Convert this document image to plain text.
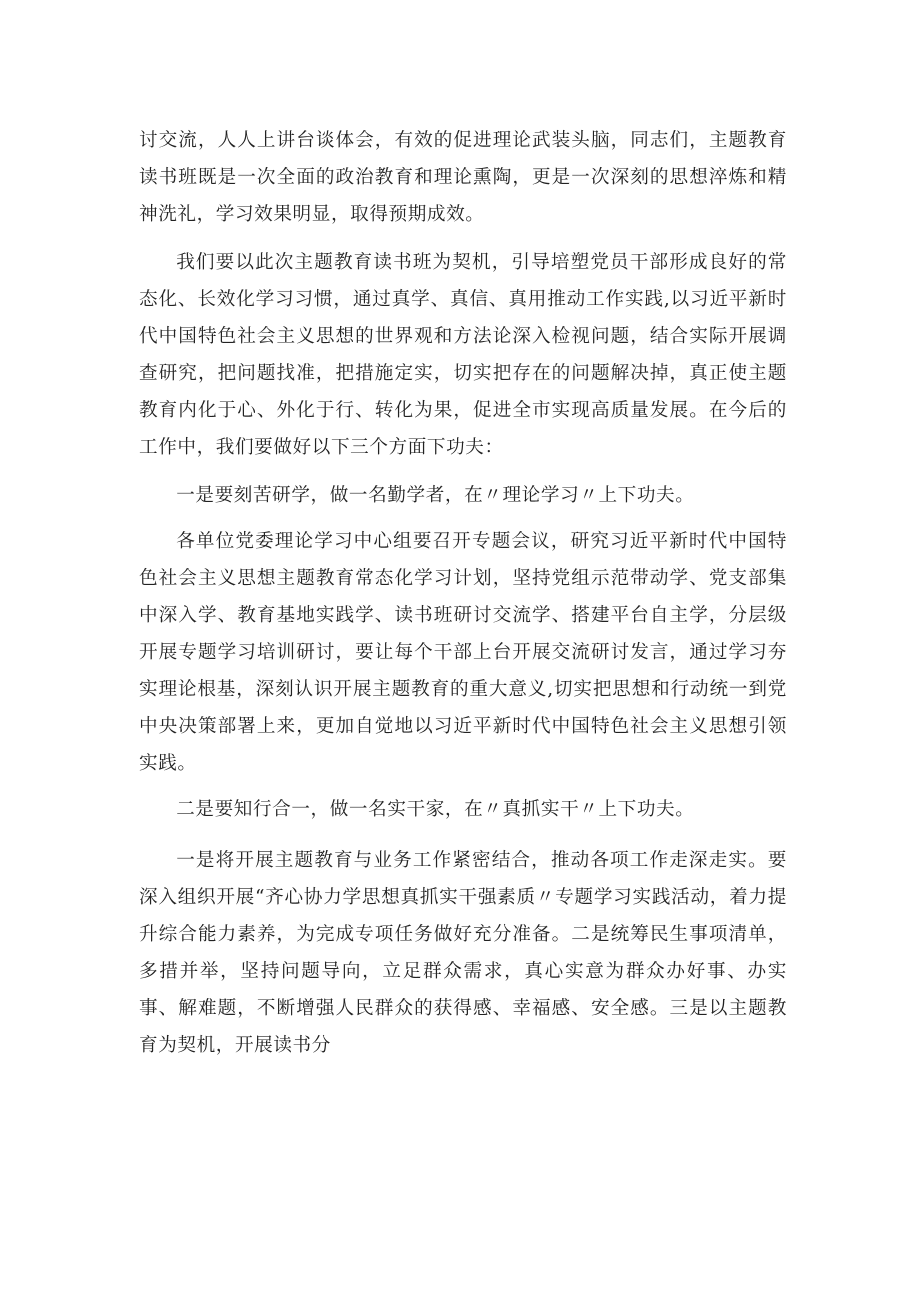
讨交流，人人上讲台谈体会，有效的促进理论武装头脑，同志们，主题教育读书班既是一次全面的政治教育和理论熏陶，更是一次深刻的思想淬炼和精神洗礼，学习效果明显，取得预期成效。

我们要以此次主题教育读书班为契机，引导培塑党员干部形成良好的常态化、长效化学习习惯，通过真学、真信、真用推动工作实践,以习近平新时代中国特色社会主义思想的世界观和方法论深入检视问题，结合实际开展调查研究，把问题找准，把措施定实，切实把存在的问题解决掉，真正使主题教育内化于心、外化于行、转化为果，促进全市实现高质量发展。在今后的工作中，我们要做好以下三个方面下功夫：

一是要刻苦研学，做一名勤学者，在〃理论学习〃上下功夫。

各单位党委理论学习中心组要召开专题会议，研究习近平新时代中国特色社会主义思想主题教育常态化学习计划，坚持党组示范带动学、党支部集中深入学、教育基地实践学、读书班研讨交流学、搭建平台自主学，分层级开展专题学习培训研讨，要让每个干部上台开展交流研讨发言，通过学习夯实理论根基，深刻认识开展主题教育的重大意义,切实把思想和行动统一到党中央决策部署上来，更加自觉地以习近平新时代中国特色社会主义思想引领实践。

二是要知行合一，做一名实干家，在〃真抓实干〃上下功夫。

一是将开展主题教育与业务工作紧密结合，推动各项工作走深走实。要深入组织开展“齐心协力学思想真抓实干强素质〃专题学习实践活动，着力提升综合能力素养，为完成专项任务做好充分准备。二是统筹民生事项清单，多措并举，坚持问题导向，立足群众需求，真心实意为群众办好事、办实事、解难题，不断增强人民群众的获得感、幸福感、安全感。三是以主题教育为契机，开展读书分
